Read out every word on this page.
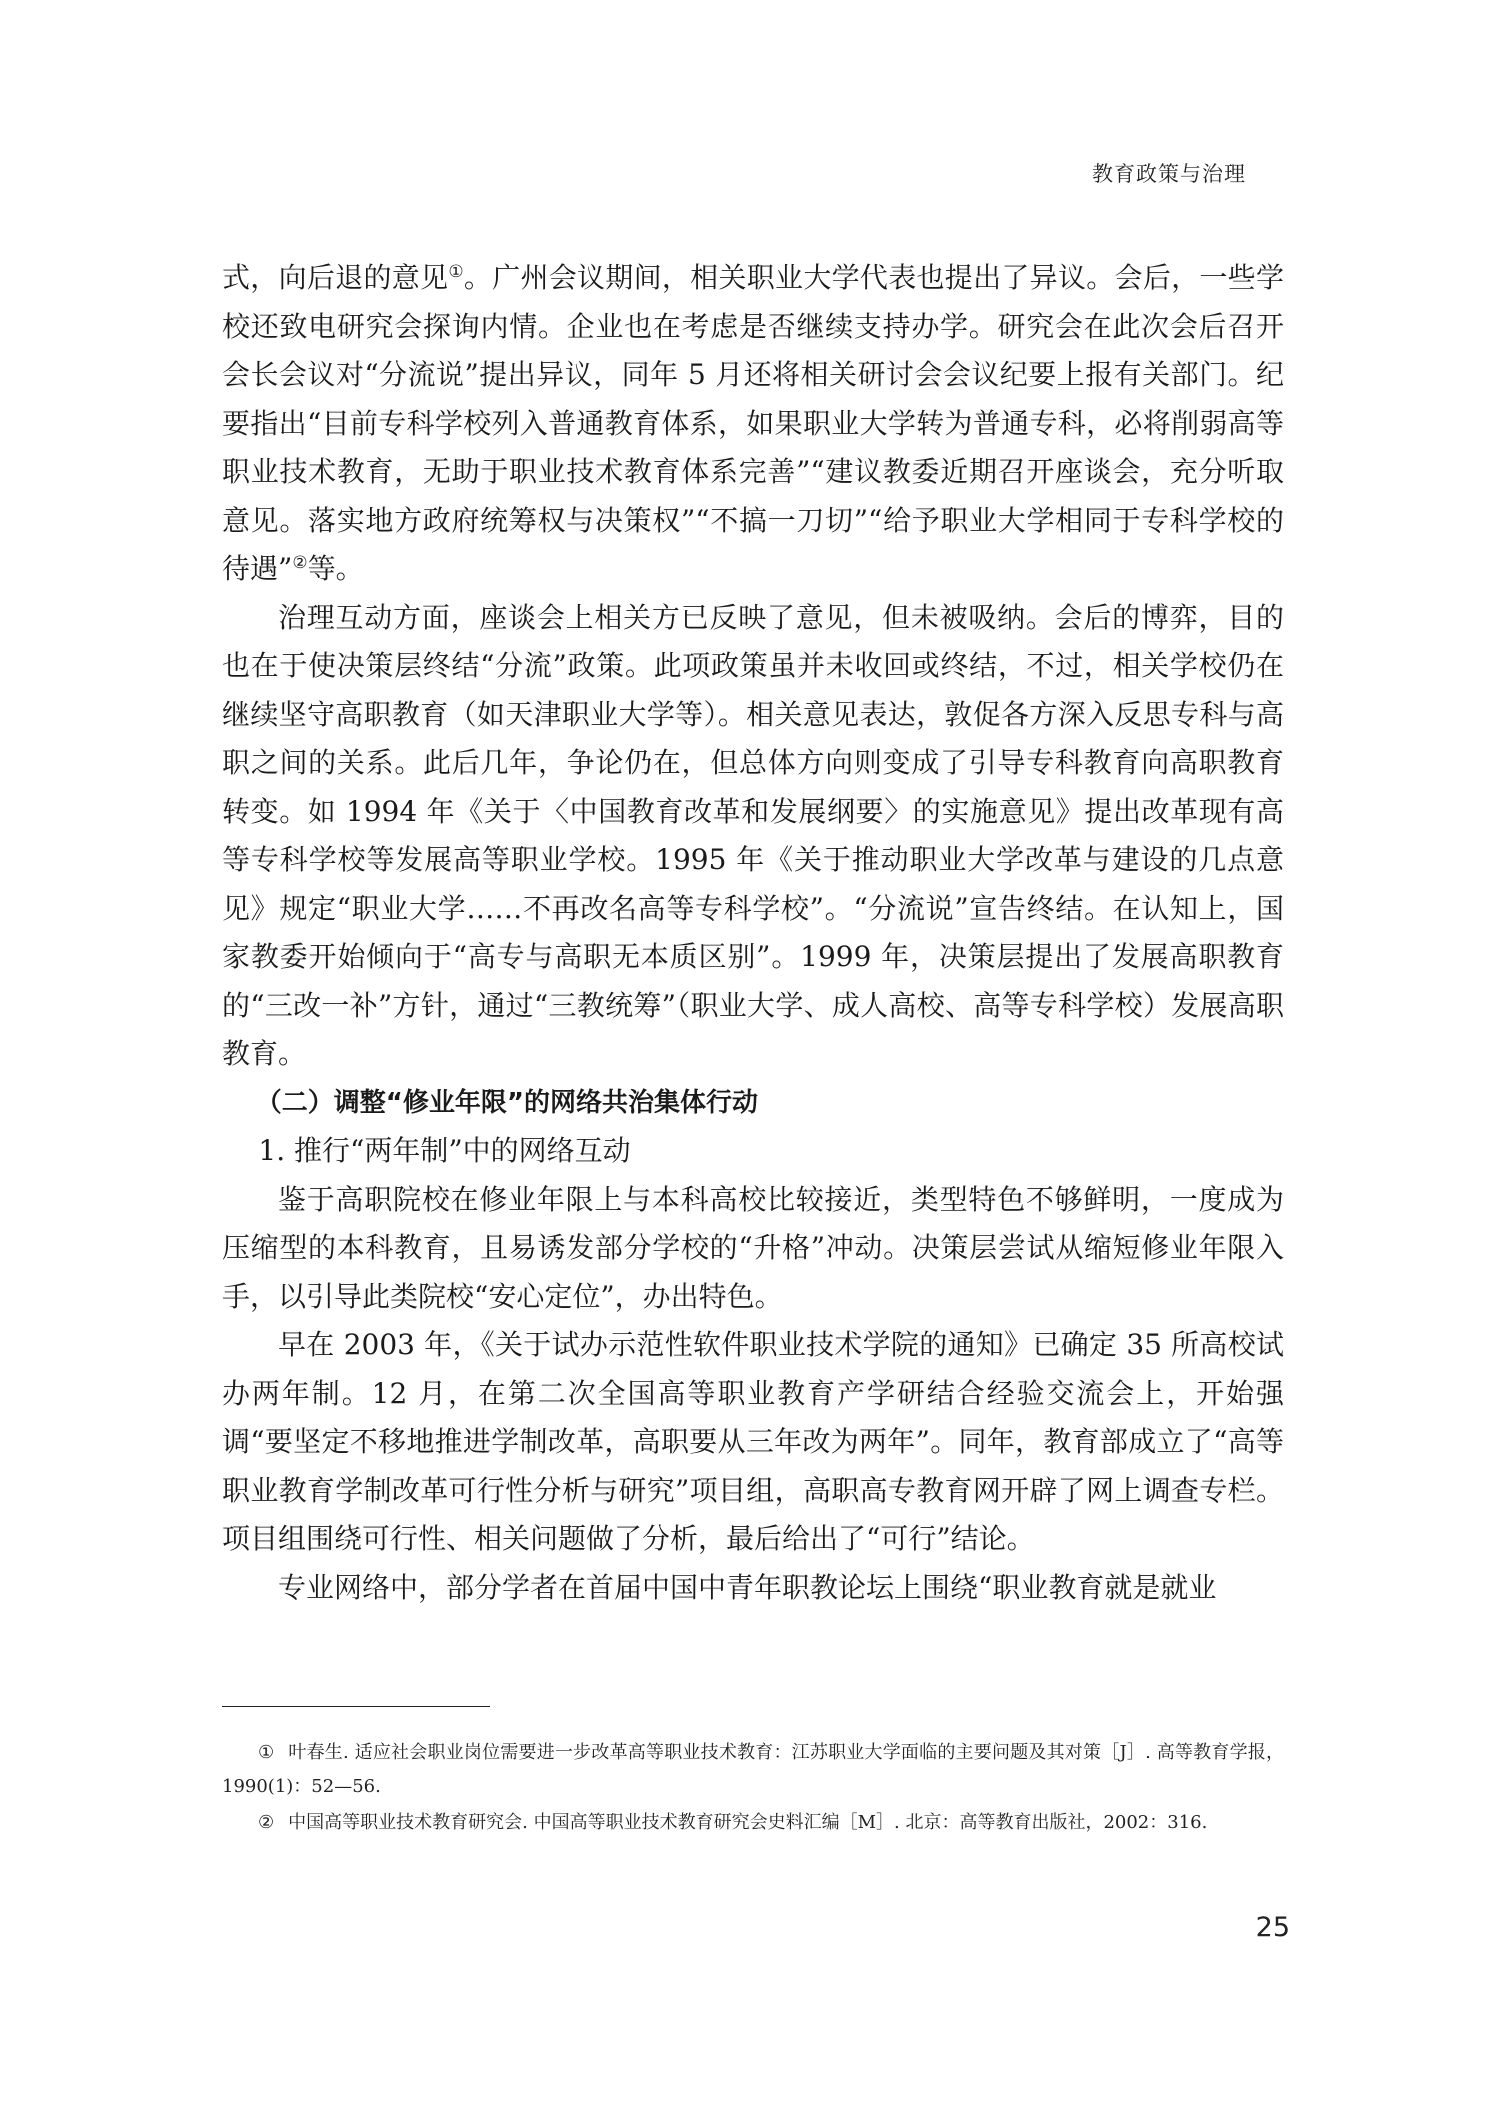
教育政策与治理

式，向后退的意见①。广州会议期间，相关职业大学代表也提出了异议。会后，一些学校还致电研究会探询内情。企业也在考虑是否继续支持办学。研究会在此次会后召开会长会议对“分流说”提出异议，同年 5 月还将相关研讨会会议纪要上报有关部门。纪要指出“目前专科学校列入普通教育体系，如果职业大学转为普通专科，必将削弱高等职业技术教育，无助于职业技术教育体系完善”“建议教委近期召开座谈会，充分听取意见。落实地方政府统筹权与决策权”“不搞一刀切”“给予职业大学相同于专科学校的待遇”②等。

治理互动方面，座谈会上相关方已反映了意见，但未被吸纳。会后的博弈，目的也在于使决策层终结“分流”政策。此项政策虽并未收回或终结，不过，相关学校仍在继续坚守高职教育（如天津职业大学等）。相关意见表达，敦促各方深入反思专科与高职之间的关系。此后几年，争论仍在，但总体方向则变成了引导专科教育向高职教育转变。如 1994 年《关于〈中国教育改革和发展纲要〉的实施意见》提出改革现有高等专科学校等发展高等职业学校。1995 年《关于推动职业大学改革与建设的几点意见》规定“职业大学……不再改名高等专科学校”。“分流说”宣告终结。在认知上，国家教委开始倾向于“高专与高职无本质区别”。1999 年，决策层提出了发展高职教育的“三改一补”方针，通过“三教统筹”（职业大学、成人高校、高等专科学校）发展高职教育。

（二）调整“修业年限”的网络共治集体行动

1. 推行“两年制”中的网络互动

鉴于高职院校在修业年限上与本科高校比较接近，类型特色不够鲜明，一度成为压缩型的本科教育，且易诱发部分学校的“升格”冲动。决策层尝试从缩短修业年限入手，以引导此类院校“安心定位”，办出特色。

早在 2003 年，《关于试办示范性软件职业技术学院的通知》已确定 35 所高校试办两年制。12 月，在第二次全国高等职业教育产学研结合经验交流会上，开始强调“要坚定不移地推进学制改革，高职要从三年改为两年”。同年，教育部成立了“高等职业教育学制改革可行性分析与研究”项目组，高职高专教育网开辟了网上调查专栏。项目组围绕可行性、相关问题做了分析，最后给出了“可行”结论。

专业网络中，部分学者在首届中国中青年职教论坛上围绕“职业教育就是就业

① 叶春生. 适应社会职业岗位需要进一步改革高等职业技术教育：江苏职业大学面临的主要问题及其对策［J］. 高等教育学报，1990(1)：52—56.

② 中国高等职业技术教育研究会. 中国高等职业技术教育研究会史料汇编［M］. 北京：高等教育出版社，2002：316.

25
